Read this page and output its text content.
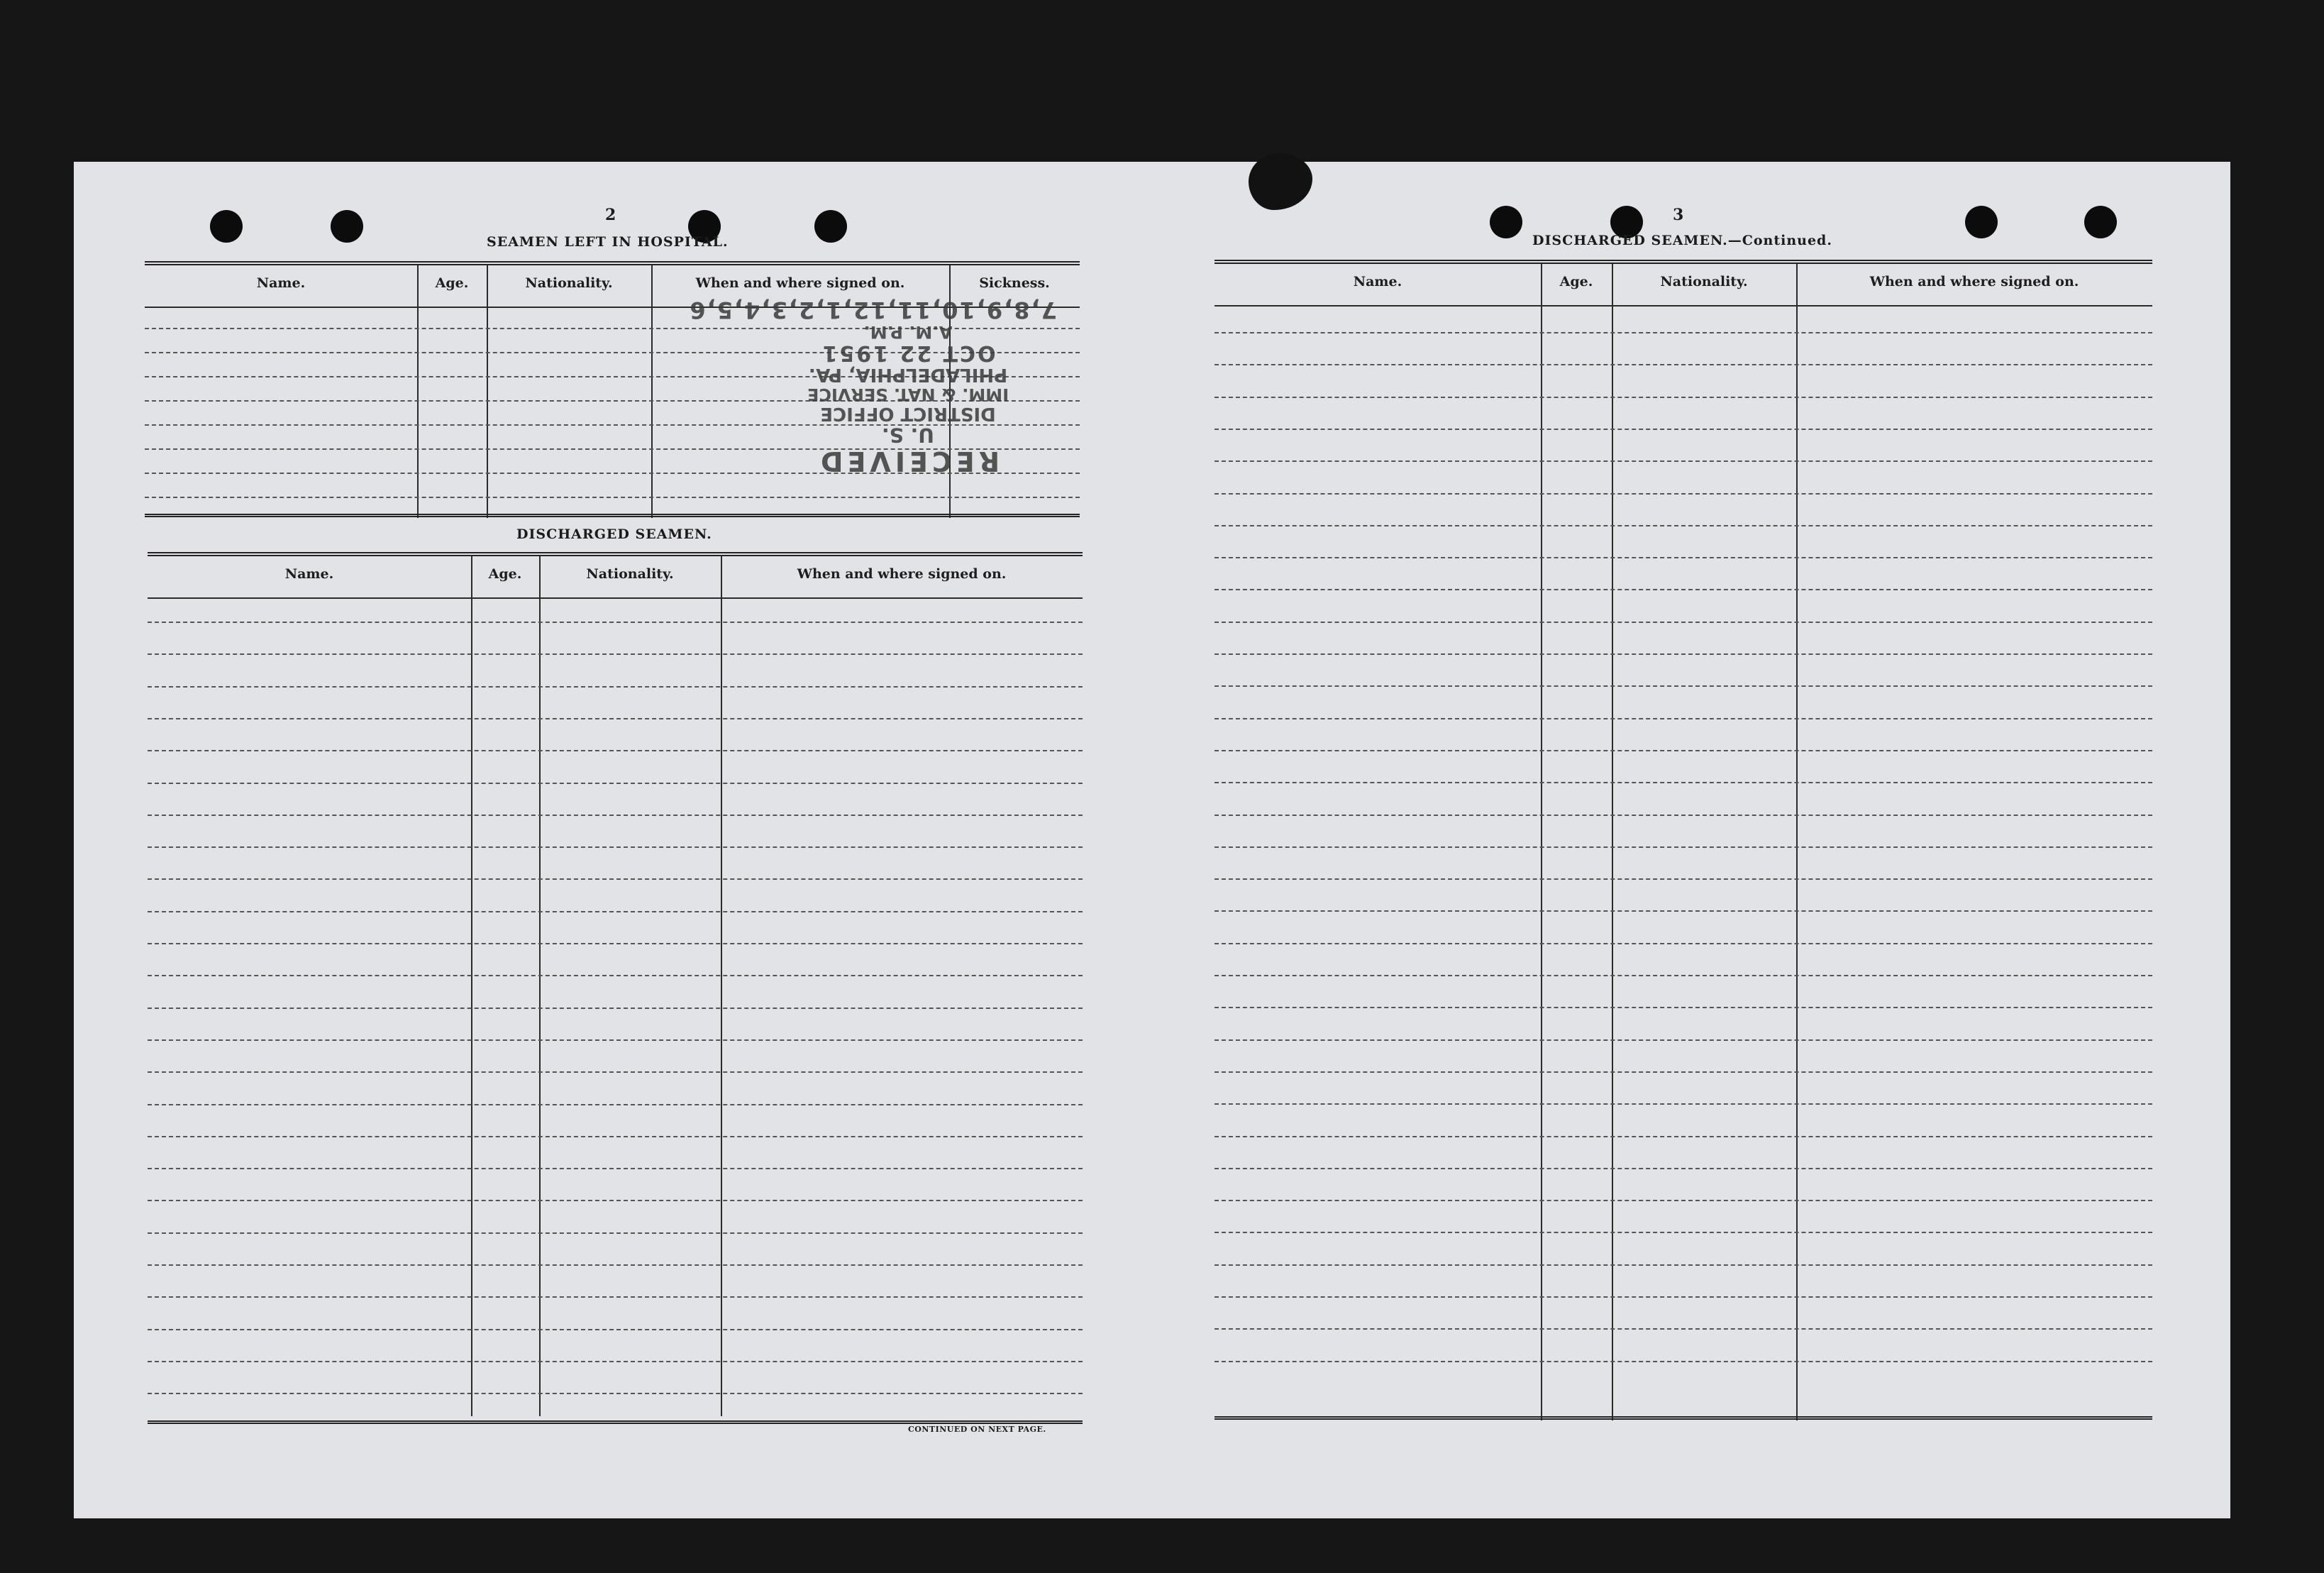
2
SEAMEN LEFT IN HOSPITAL.
Name.	Age.	Nationality.	When and where signed on.	Sickness.
DISCHARGED SEAMEN.
Name.	Age.	Nationality.	When and where signed on.
CONTINUED ON NEXT PAGE.
3
DISCHARGED SEAMEN.—Continued.
Name.	Age.	Nationality.	When and where signed on.
RECEIVED
U. S.
DISTRICT OFFICE
IMM. & NAT. SERVICE
PHILADELPHIA, PA.
OCT 22 1951
A.M. P.M.
7,8,9,10,11,12,1,2,3,4,5,6
